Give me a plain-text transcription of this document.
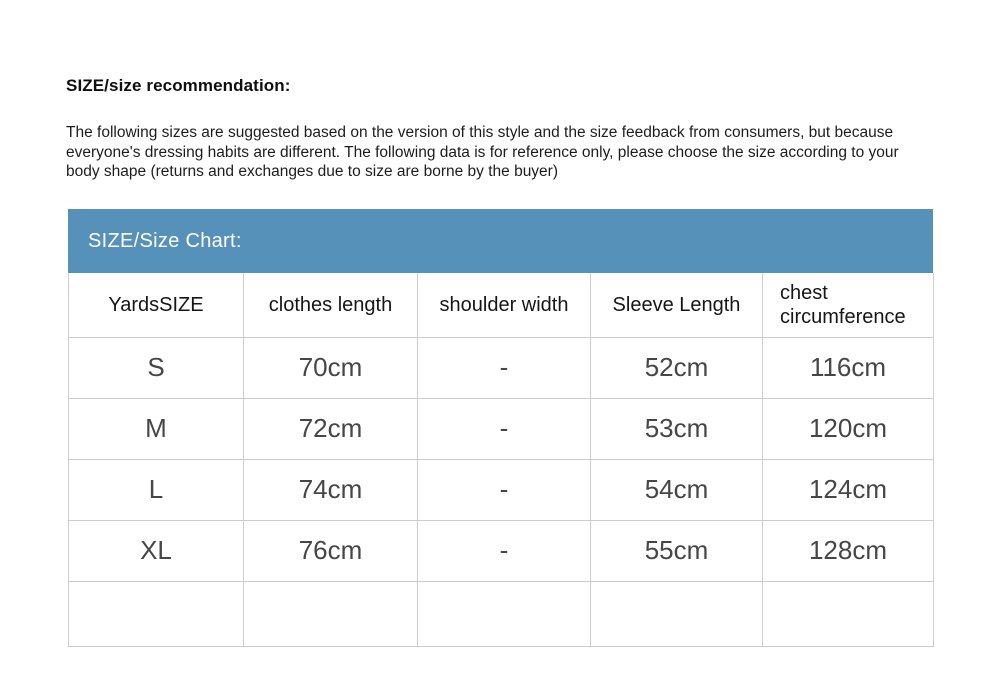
SIZE/size recommendation:

The following sizes are suggested based on the version of this style and the size feedback from consumers, but because everyone's dressing habits are different. The following data is for reference only, please choose the size according to your body shape (returns and exchanges due to size are borne by the buyer)

SIZE/Size Chart:
YardsSIZE	clothes length	shoulder width	Sleeve Length	chest circumference
S	70cm	-	52cm	116cm
M	72cm	-	53cm	120cm
L	74cm	-	54cm	124cm
XL	76cm	-	55cm	128cm
